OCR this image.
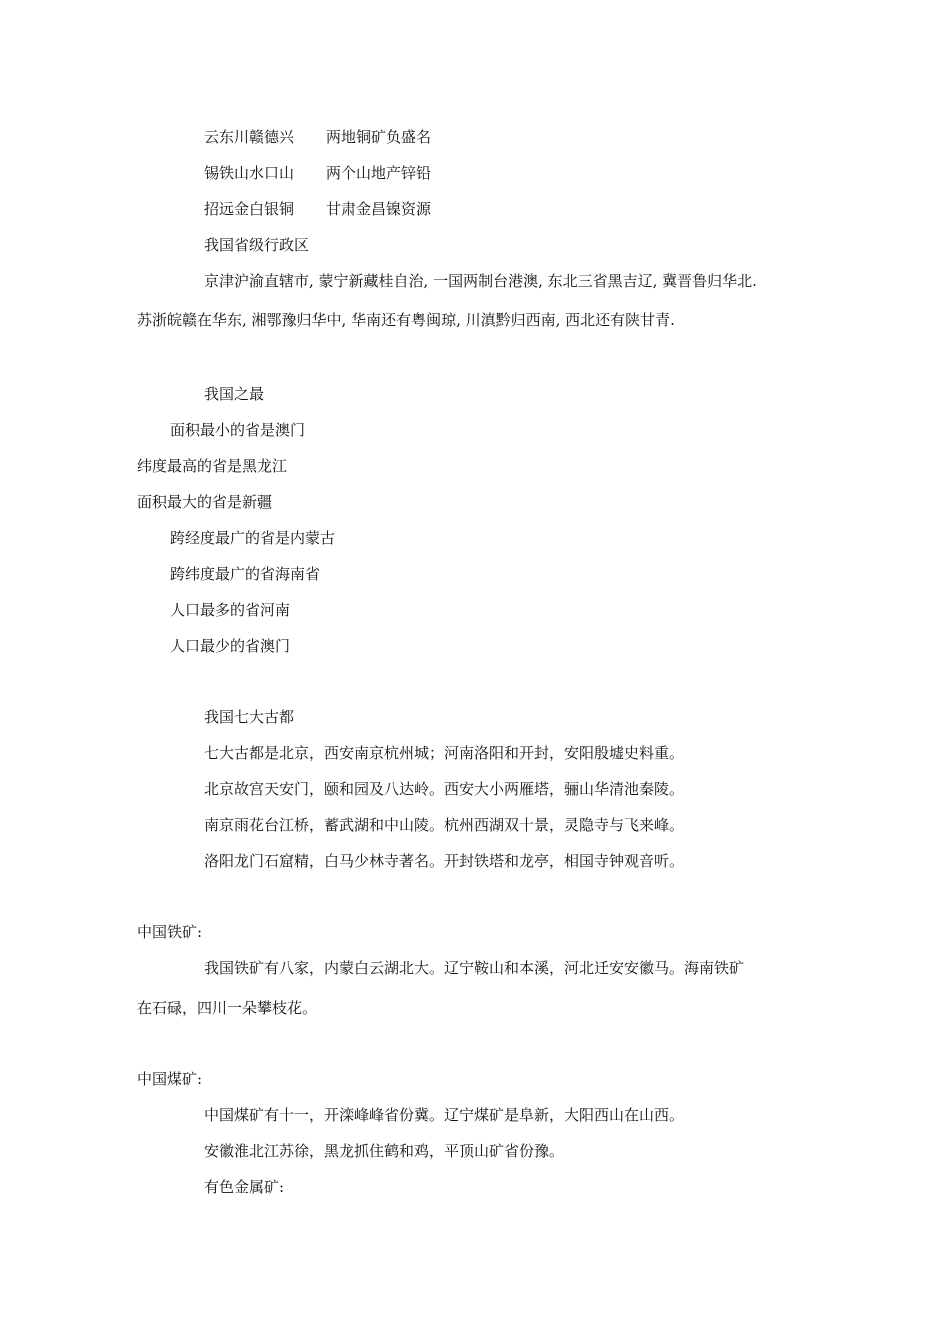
云东川赣德兴 两地铜矿负盛名
锡铁山水口山 两个山地产锌铅
招远金白银铜 甘肃金昌镍资源
我国省级行政区
京津沪渝直辖市, 蒙宁新藏桂自治, 一国两制台港澳, 东北三省黑吉辽, 冀晋鲁归华北.
苏浙皖赣在华东, 湘鄂豫归华中, 华南还有粤闽琼, 川滇黔归西南, 西北还有陕甘青.
我国之最
面积最小的省是澳门
纬度最高的省是黑龙江
面积最大的省是新疆
跨经度最广的省是内蒙古
跨纬度最广的省海南省
人口最多的省河南
人口最少的省澳门
我国七大古都
七大古都是北京，西安南京杭州城；河南洛阳和开封，安阳殷墟史料重。
北京故宫天安门，颐和园及八达岭。西安大小两雁塔，骊山华清池秦陵。
南京雨花台江桥，蓄武湖和中山陵。杭州西湖双十景，灵隐寺与飞来峰。
洛阳龙门石窟精，白马少林寺著名。开封铁塔和龙亭，相国寺钟观音听。
中国铁矿:
我国铁矿有八家，内蒙白云湖北大。辽宁鞍山和本溪，河北迁安安徽马。海南铁矿
在石碌，四川一朵攀枝花。
中国煤矿:
中国煤矿有十一，开滦峰峰省份冀。辽宁煤矿是阜新，大阳西山在山西。
安徽淮北江苏徐，黑龙抓住鹤和鸡，平顶山矿省份豫。
有色金属矿:
